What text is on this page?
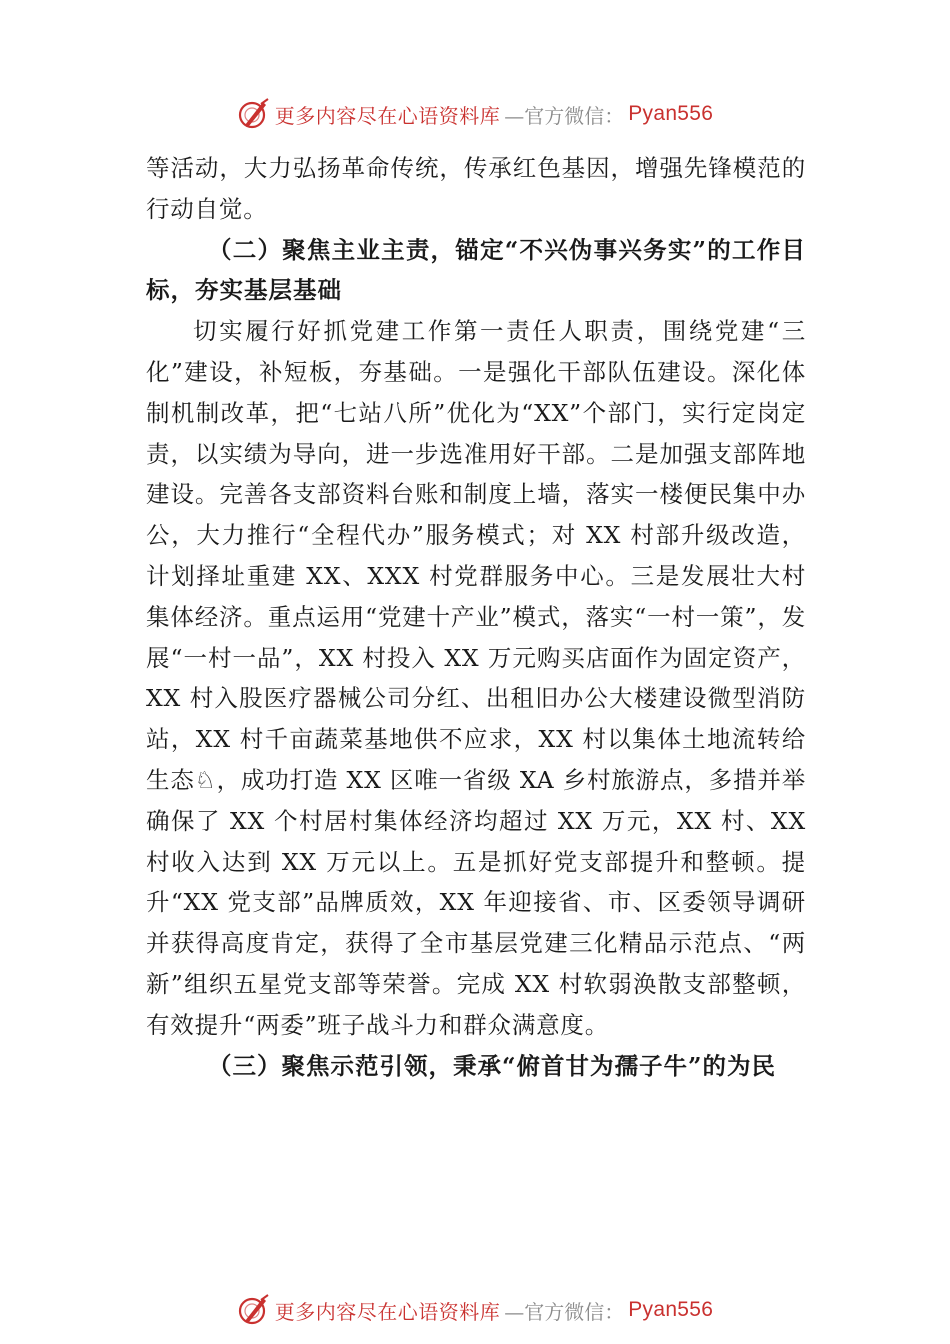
更多内容尽在心语资料库 —官方微信： Pyan556

等活动，大力弘扬革命传统，传承红色基因，增强先锋模范的行动自觉。

（二）聚焦主业主责，锚定“不兴伪事兴务实”的工作目标，夯实基层基础

切实履行好抓党建工作第一责任人职责，围绕党建“三化”建设，补短板，夯基础。一是强化干部队伍建设。深化体制机制改革，把“七站八所”优化为“XX”个部门，实行定岗定责，以实绩为导向，进一步选准用好干部。二是加强支部阵地建设。完善各支部资料台账和制度上墙，落实一楼便民集中办公，大力推行“全程代办”服务模式；对 XX 村部升级改造，计划择址重建 XX、XXX 村党群服务中心。三是发展壮大村集体经济。重点运用“党建十产业”模式，落实“一村一策”，发展“一村一品”，XX 村投入 XX 万元购买店面作为固定资产，XX 村入股医疗器械公司分红、出租旧办公大楼建设微型消防站，XX 村千亩蔬菜基地供不应求，XX 村以集体土地流转给生态♘，成功打造 XX 区唯一省级 XA 乡村旅游点，多措并举确保了 XX 个村居村集体经济均超过 XX 万元，XX 村、XX 村收入达到 XX 万元以上。五是抓好党支部提升和整顿。提升“XX 党支部”品牌质效，XX 年迎接省、市、区委领导调研并获得高度肯定，获得了全市基层党建三化精品示范点、“两新”组织五星党支部等荣誉。完成 XX 村软弱涣散支部整顿，有效提升“两委”班子战斗力和群众满意度。

（三）聚焦示范引领，秉承“俯首甘为孺子牛”的为民

更多内容尽在心语资料库 —官方微信： Pyan556
